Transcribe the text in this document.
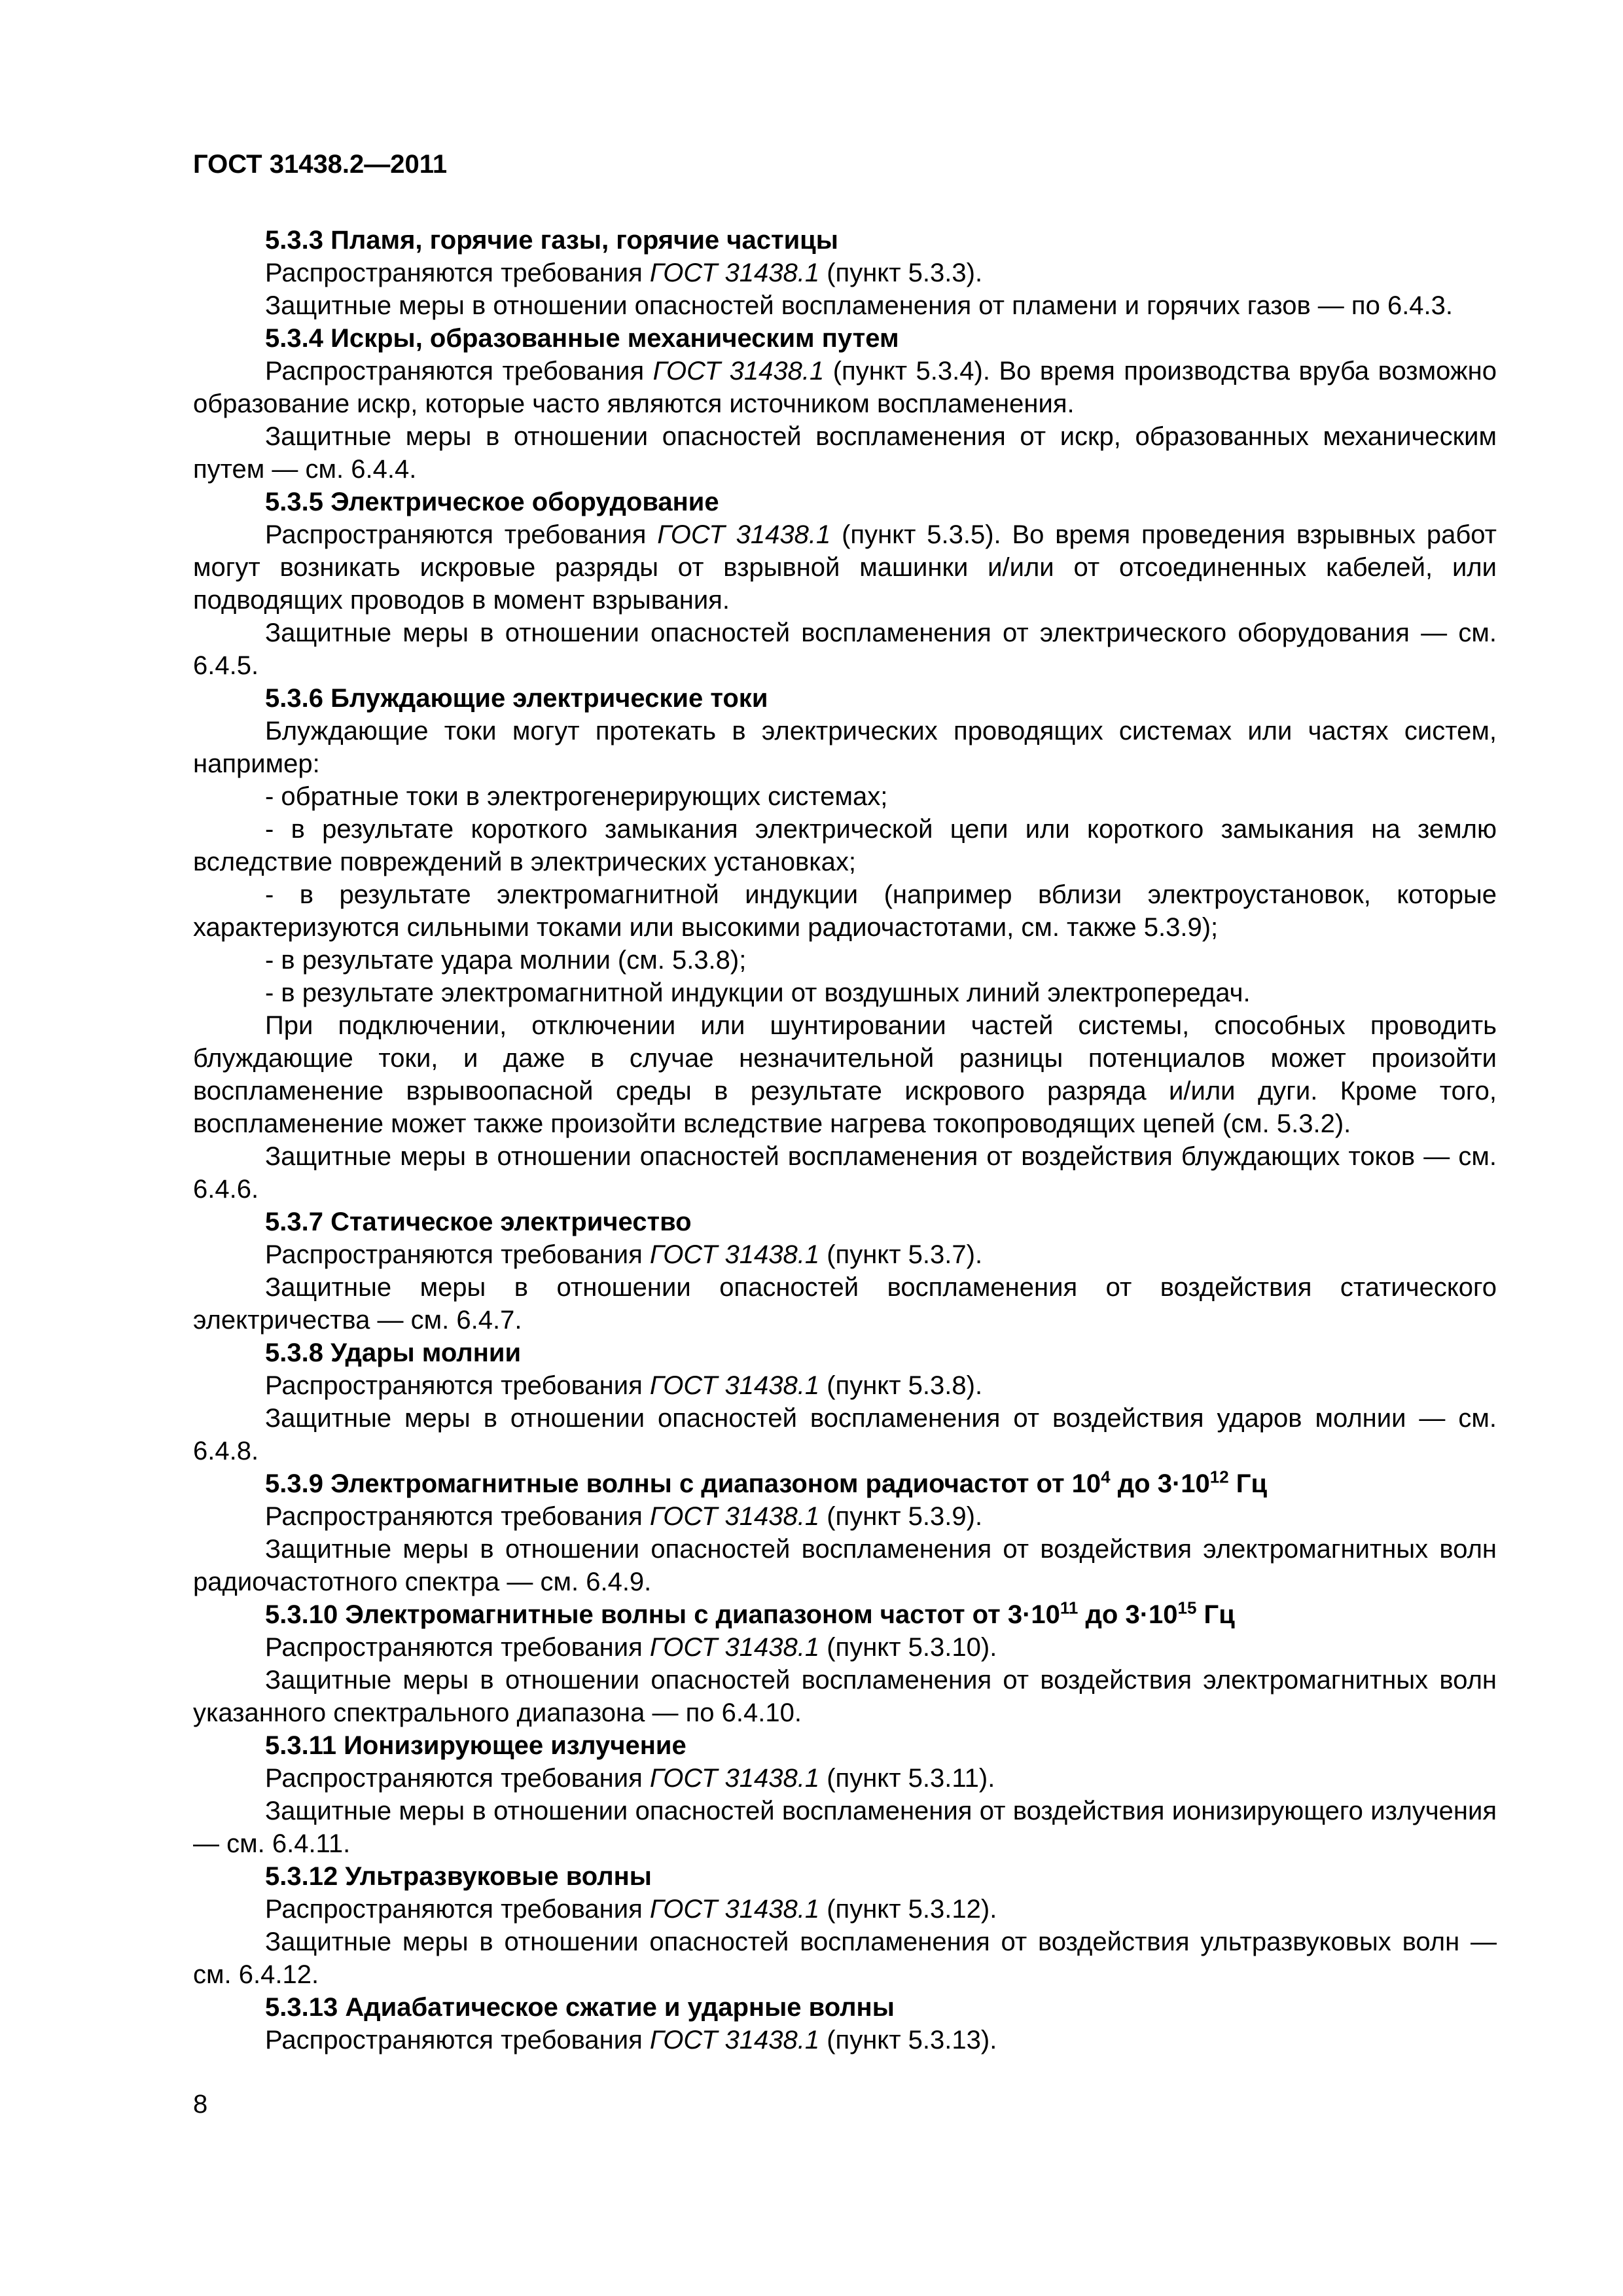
ГОСТ 31438.2—2011
5.3.3 Пламя, горячие газы, горячие частицы
Распространяются требования ГОСТ 31438.1 (пункт 5.3.3).
Защитные меры в отношении опасностей воспламенения от пламени и горячих газов — по 6.4.3.
5.3.4 Искры, образованные механическим путем
Распространяются требования ГОСТ 31438.1 (пункт 5.3.4). Во время производства вруба возможно образование искр, которые часто являются источником воспламенения.
Защитные меры в отношении опасностей воспламенения от искр, образованных механическим путем — см. 6.4.4.
5.3.5 Электрическое оборудование
Распространяются требования ГОСТ 31438.1 (пункт 5.3.5). Во время проведения взрывных работ могут возникать искровые разряды от взрывной машинки и/или от отсоединенных кабелей, или подводящих проводов в момент взрывания.
Защитные меры в отношении опасностей воспламенения от электрического оборудования — см. 6.4.5.
5.3.6 Блуждающие электрические токи
Блуждающие токи могут протекать в электрических проводящих системах или частях систем, например:
- обратные токи в электрогенерирующих системах;
- в результате короткого замыкания электрической цепи или короткого замыкания на землю вследствие повреждений в электрических установках;
- в результате электромагнитной индукции (например вблизи электроустановок, которые характеризуются сильными токами или высокими радиочастотами, см. также 5.3.9);
- в результате удара молнии (см. 5.3.8);
- в результате электромагнитной индукции от воздушных линий электропередач.
При подключении, отключении или шунтировании частей системы, способных проводить блуждающие токи, и даже в случае незначительной разницы потенциалов может произойти воспламенение взрывоопасной среды в результате искрового разряда и/или дуги. Кроме того, воспламенение может также произойти вследствие нагрева токопроводящих цепей (см. 5.3.2).
Защитные меры в отношении опасностей воспламенения от воздействия блуждающих токов — см. 6.4.6.
5.3.7 Статическое электричество
Распространяются требования ГОСТ 31438.1 (пункт 5.3.7).
Защитные меры в отношении опасностей воспламенения от воздействия статического электричества — см. 6.4.7.
5.3.8 Удары молнии
Распространяются требования ГОСТ 31438.1 (пункт 5.3.8).
Защитные меры в отношении опасностей воспламенения от воздействия ударов молнии — см. 6.4.8.
5.3.9 Электромагнитные волны с диапазоном радиочастот от $10^4$ до $3\cdot 10^{12}$ Гц
Распространяются требования ГОСТ 31438.1 (пункт 5.3.9).
Защитные меры в отношении опасностей воспламенения от воздействия электромагнитных волн радиочастотного спектра — см. 6.4.9.
5.3.10 Электромагнитные волны с диапазоном частот от $3\cdot 10^{11}$ до $3\cdot 10^{15}$ Гц
Распространяются требования ГОСТ 31438.1 (пункт 5.3.10).
Защитные меры в отношении опасностей воспламенения от воздействия электромагнитных волн указанного спектрального диапазона — по 6.4.10.
5.3.11 Ионизирующее излучение
Распространяются требования ГОСТ 31438.1 (пункт 5.3.11).
Защитные меры в отношении опасностей воспламенения от воздействия ионизирующего излучения — см. 6.4.11.
5.3.12 Ультразвуковые волны
Распространяются требования ГОСТ 31438.1 (пункт 5.3.12).
Защитные меры в отношении опасностей воспламенения от воздействия ультразвуковых волн — см. 6.4.12.
5.3.13 Адиабатическое сжатие и ударные волны
Распространяются требования ГОСТ 31438.1 (пункт 5.3.13).
8
